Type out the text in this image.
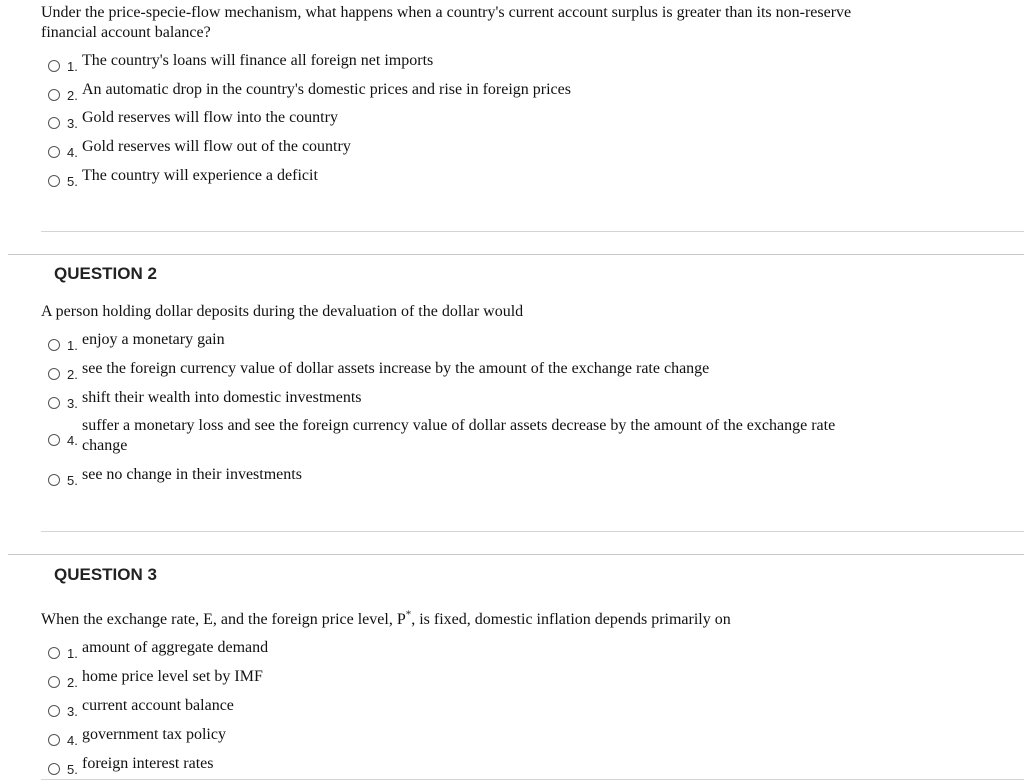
Under the price-specie-flow mechanism, what happens when a country's current account surplus is greater than its non-reserve
financial account balance?
1. The country's loans will finance all foreign net imports
2. An automatic drop in the country's domestic prices and rise in foreign prices
3. Gold reserves will flow into the country
4. Gold reserves will flow out of the country
5. The country will experience a deficit
QUESTION 2
A person holding dollar deposits during the devaluation of the dollar would
1. enjoy a monetary gain
2. see the foreign currency value of dollar assets increase by the amount of the exchange rate change
3. shift their wealth into domestic investments
4.
suffer a monetary loss and see the foreign currency value of dollar assets decrease by the amount of the exchange rate
change
5. see no change in their investments
QUESTION 3
When the exchange rate, E, and the foreign price level, P*, is fixed, domestic inflation depends primarily on
1. amount of aggregate demand
2. home price level set by IMF
3. current account balance
4. government tax policy
5. foreign interest rates
